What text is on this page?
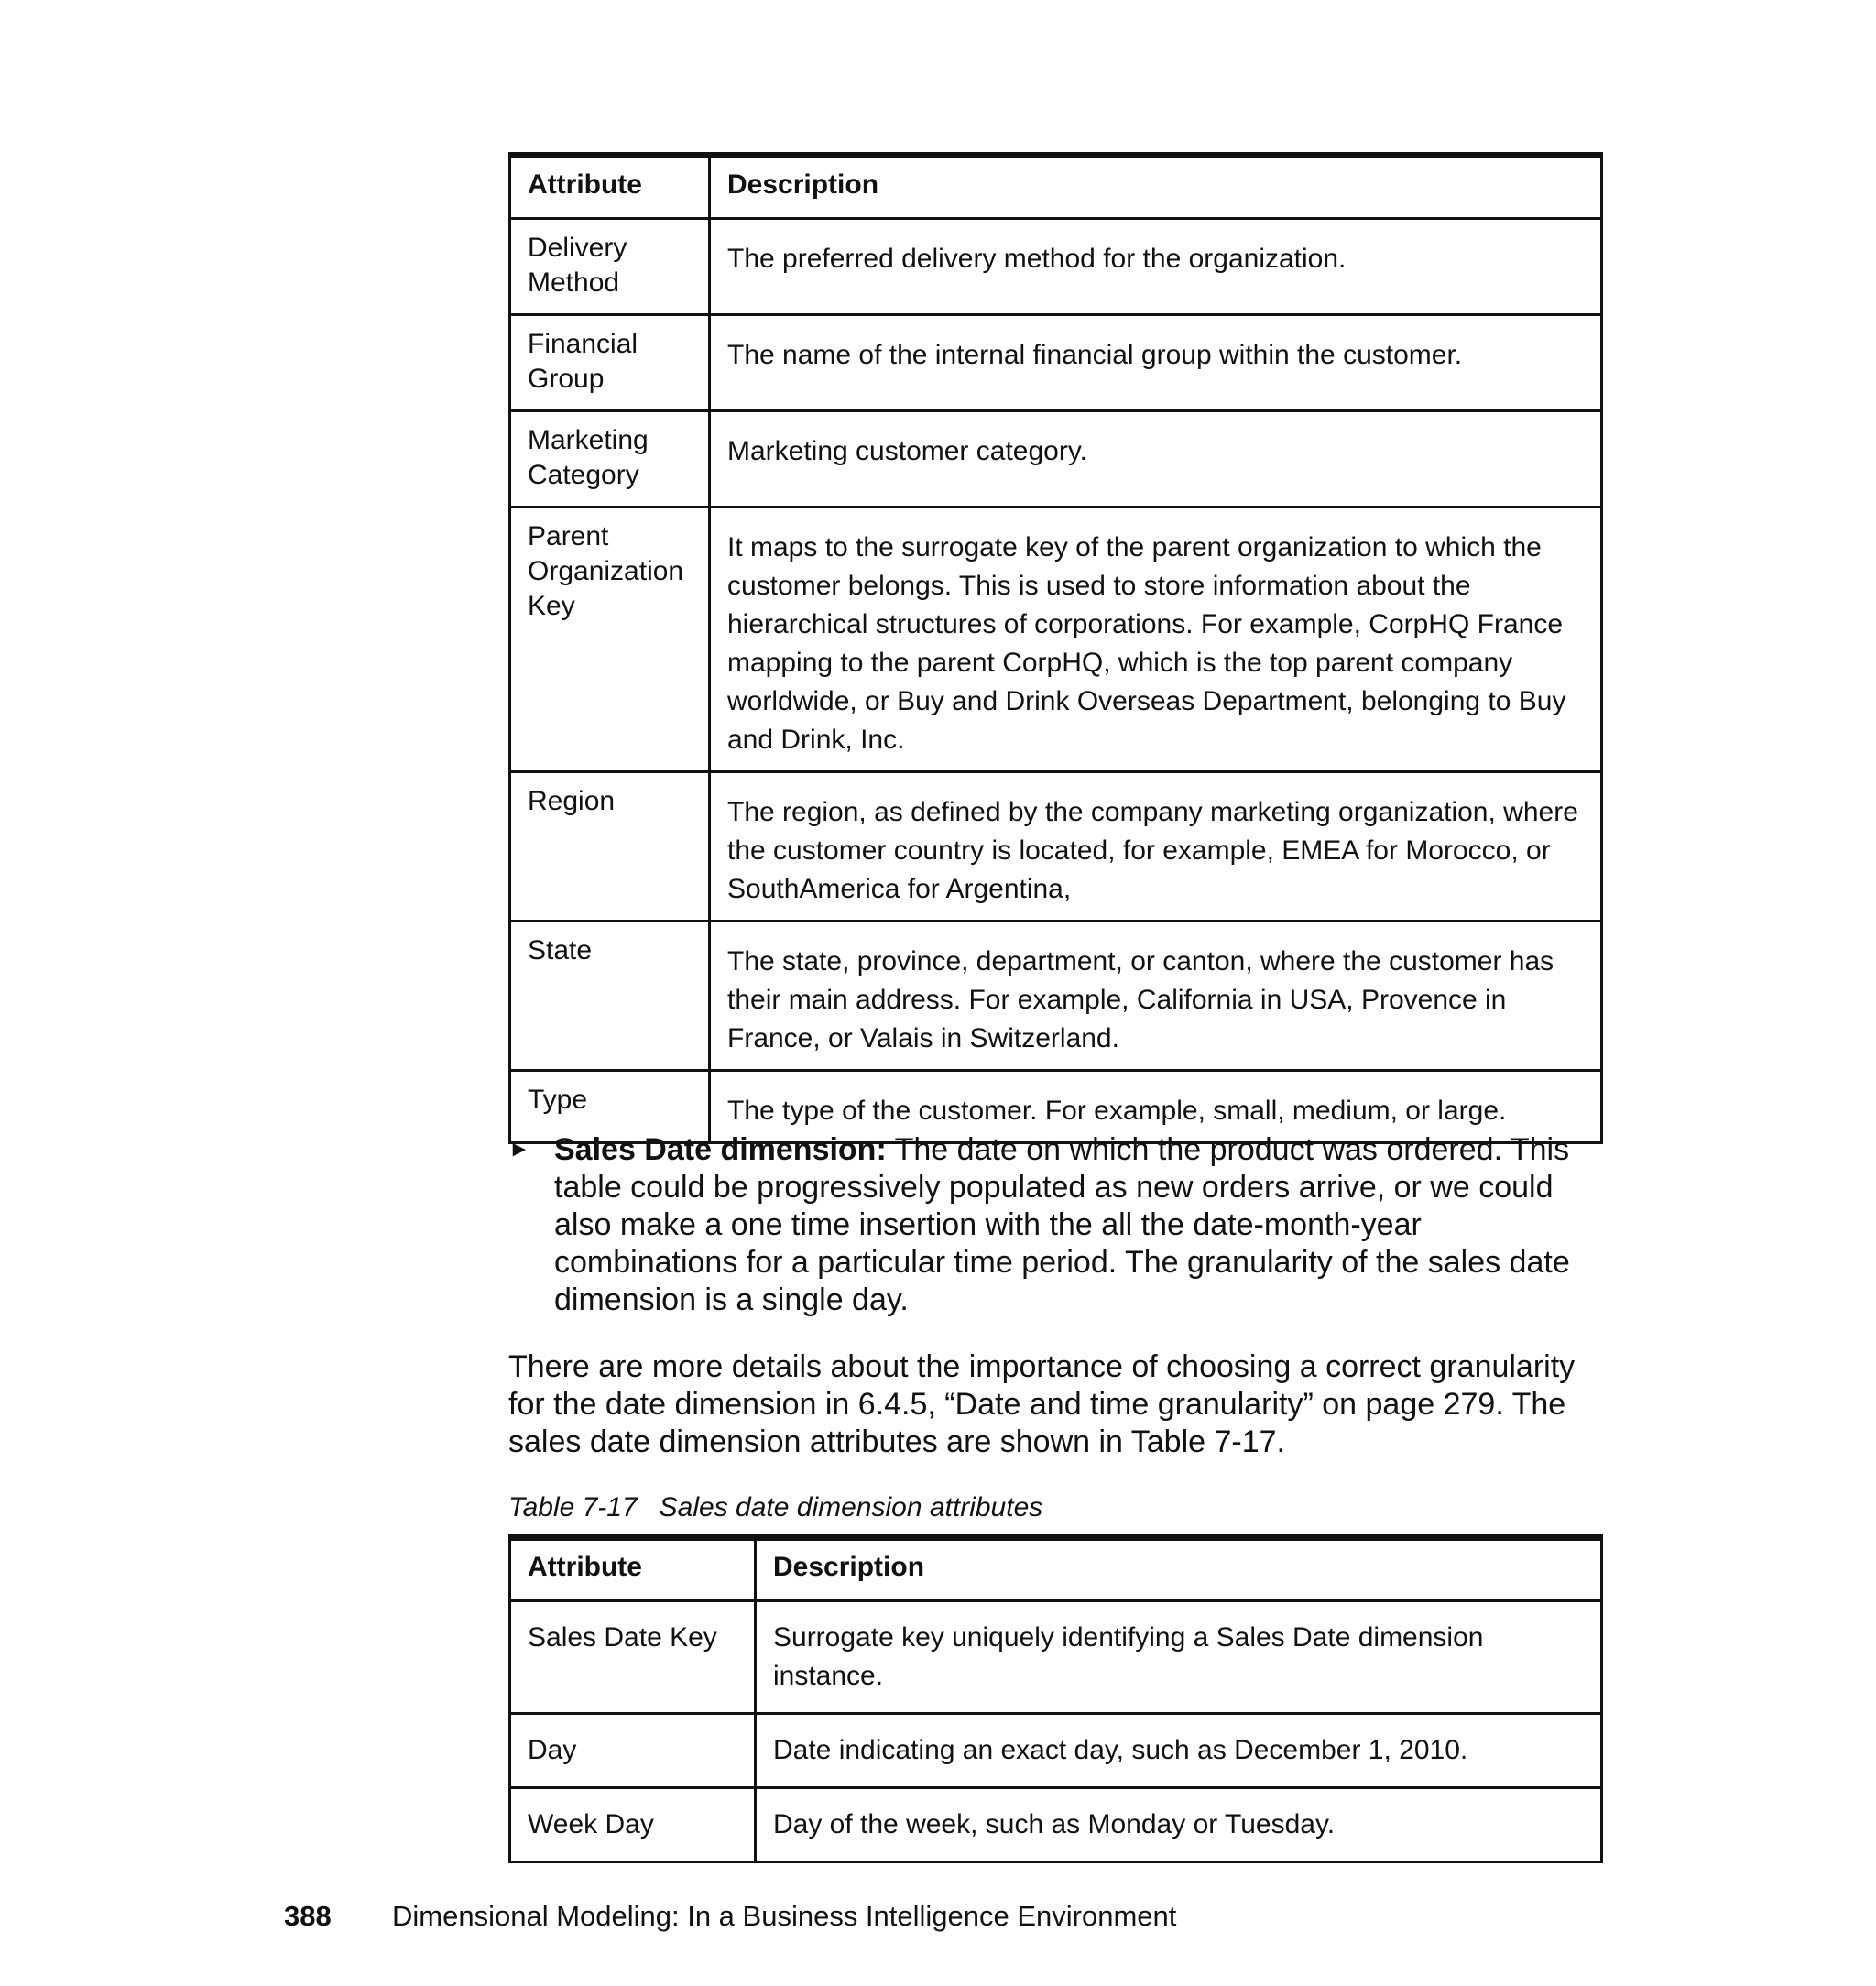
Attribute	Description
Delivery Method	The preferred delivery method for the organization.
Financial Group	The name of the internal financial group within the customer.
Marketing Category	Marketing customer category.
Parent Organization Key	It maps to the surrogate key of the parent organization to which the customer belongs. This is used to store information about the hierarchical structures of corporations. For example, CorpHQ France mapping to the parent CorpHQ, which is the top parent company worldwide, or Buy and Drink Overseas Department, belonging to Buy and Drink, Inc.
Region	The region, as defined by the company marketing organization, where the customer country is located, for example, EMEA for Morocco, or SouthAmerica for Argentina,
State	The state, province, department, or canton, where the customer has their main address. For example, California in USA, Provence in France, or Valais in Switzerland.
Type	The type of the customer. For example, small, medium, or large.
► Sales Date dimension: The date on which the product was ordered. This table could be progressively populated as new orders arrive, or we could also make a one time insertion with the all the date-month-year combinations for a particular time period. The granularity of the sales date dimension is a single day.
There are more details about the importance of choosing a correct granularity for the date dimension in 6.4.5, “Date and time granularity” on page 279. The sales date dimension attributes are shown in Table 7-17.
Table 7-17 Sales date dimension attributes
Attribute	Description
Sales Date Key	Surrogate key uniquely identifying a Sales Date dimension instance.
Day	Date indicating an exact day, such as December 1, 2010.
Week Day	Day of the week, such as Monday or Tuesday.
388 Dimensional Modeling: In a Business Intelligence Environment
